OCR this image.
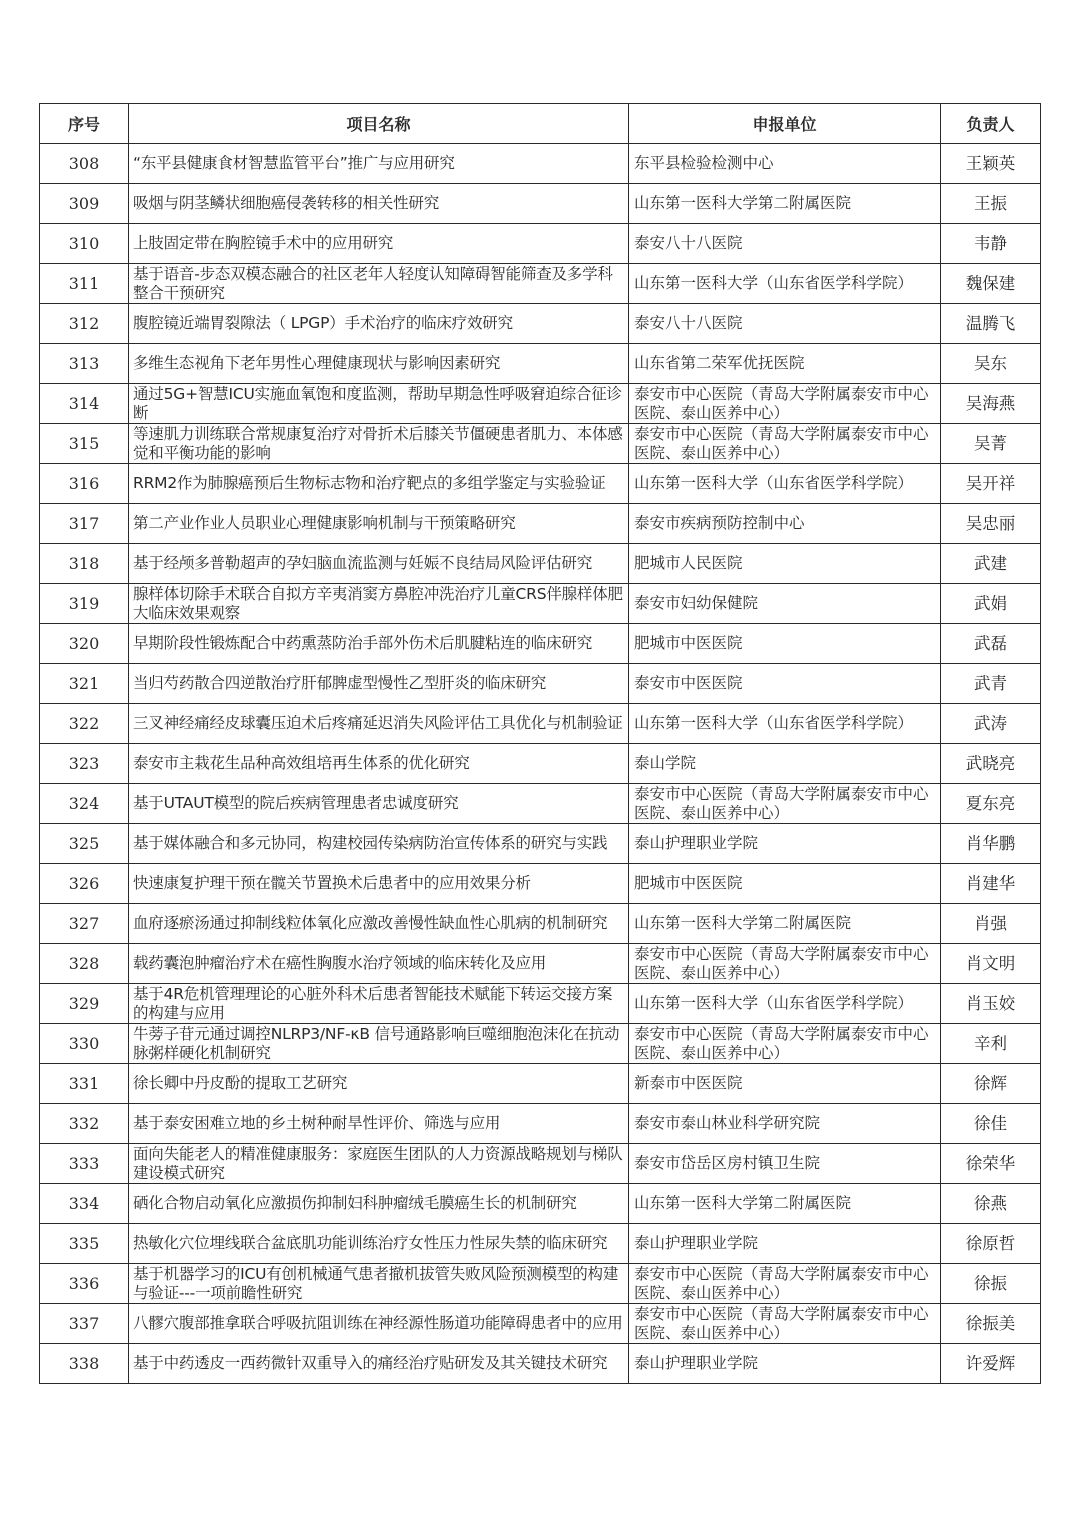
序号	项目名称	申报单位	负责人

308	“东平县健康食材智慧监管平台”推广与应用研究	东平县检验检测中心	王颖英

309	吸烟与阴茎鳞状细胞癌侵袭转移的相关性研究	山东第一医科大学第二附属医院	王振

310	上肢固定带在胸腔镜手术中的应用研究	泰安八十八医院	韦静

311	基于语音-步态双模态融合的社区老年人轻度认知障碍智能筛查及多学科整合干预研究	山东第一医科大学（山东省医学科学院）	魏保建

312	腹腔镜近端胃裂隙法（ LPGP）手术治疗的临床疗效研究	泰安八十八医院	温腾飞

313	多维生态视角下老年男性心理健康现状与影响因素研究	山东省第二荣军优抚医院	吴东

314	通过5G+智慧ICU实施血氧饱和度监测，帮助早期急性呼吸窘迫综合征诊断	泰安市中心医院（青岛大学附属泰安市中心医院、泰山医养中心）	吴海燕

315	等速肌力训练联合常规康复治疗对骨折术后膝关节僵硬患者肌力、本体感觉和平衡功能的影响	泰安市中心医院（青岛大学附属泰安市中心医院、泰山医养中心）	吴菁

316	RRM2作为肺腺癌预后生物标志物和治疗靶点的多组学鉴定与实验验证	山东第一医科大学（山东省医学科学院）	吴开祥

317	第二产业作业人员职业心理健康影响机制与干预策略研究	泰安市疾病预防控制中心	吴忠丽

318	基于经颅多普勒超声的孕妇脑血流监测与妊娠不良结局风险评估研究	肥城市人民医院	武建

319	腺样体切除手术联合自拟方辛夷消窦方鼻腔冲洗治疗儿童CRS伴腺样体肥大临床效果观察	泰安市妇幼保健院	武娟

320	早期阶段性锻炼配合中药熏蒸防治手部外伤术后肌腱粘连的临床研究	肥城市中医医院	武磊

321	当归芍药散合四逆散治疗肝郁脾虚型慢性乙型肝炎的临床研究	泰安市中医医院	武青

322	三叉神经痛经皮球囊压迫术后疼痛延迟消失风险评估工具优化与机制验证	山东第一医科大学（山东省医学科学院）	武涛

323	泰安市主栽花生品种高效组培再生体系的优化研究	泰山学院	武晓亮

324	基于UTAUT模型的院后疾病管理患者忠诚度研究	泰安市中心医院（青岛大学附属泰安市中心医院、泰山医养中心）	夏东亮

325	基于媒体融合和多元协同，构建校园传染病防治宣传体系的研究与实践	泰山护理职业学院	肖华鹏

326	快速康复护理干预在髋关节置换术后患者中的应用效果分析	肥城市中医医院	肖建华

327	血府逐瘀汤通过抑制线粒体氧化应激改善慢性缺血性心肌病的机制研究	山东第一医科大学第二附属医院	肖强

328	载药囊泡肿瘤治疗术在癌性胸腹水治疗领域的临床转化及应用	泰安市中心医院（青岛大学附属泰安市中心医院、泰山医养中心）	肖文明

329	基于4R危机管理理论的心脏外科术后患者智能技术赋能下转运交接方案的构建与应用	山东第一医科大学（山东省医学科学院）	肖玉姣

330	牛蒡子苷元通过调控NLRP3/NF-κB 信号通路影响巨噬细胞泡沫化在抗动 脉粥样硬化机制研究	泰安市中心医院（青岛大学附属泰安市中心医院、泰山医养中心）	辛利

331	徐长卿中丹皮酚的提取工艺研究	新泰市中医医院	徐辉

332	基于泰安困难立地的乡土树种耐旱性评价、筛选与应用	泰安市泰山林业科学研究院	徐佳

333	面向失能老人的精准健康服务：家庭医生团队的人力资源战略规划与梯队建设模式研究	泰安市岱岳区房村镇卫生院	徐荣华

334	硒化合物启动氧化应激损伤抑制妇科肿瘤绒毛膜癌生长的机制研究	山东第一医科大学第二附属医院	徐燕

335	热敏化穴位埋线联合盆底肌功能训练治疗女性压力性尿失禁的临床研究	泰山护理职业学院	徐原哲

336	基于机器学习的ICU有创机械通气患者撤机拔管失败风险预测模型的构建与验证---一项前瞻性研究	泰安市中心医院（青岛大学附属泰安市中心医院、泰山医养中心）	徐振

337	八髎穴腹部推拿联合呼吸抗阻训练在神经源性肠道功能障碍患者中的应用	泰安市中心医院（青岛大学附属泰安市中心医院、泰山医养中心）	徐振美

338	基于中药透皮一西药微针双重导入的痛经治疗贴研发及其关键技术研究	泰山护理职业学院	许爱辉
